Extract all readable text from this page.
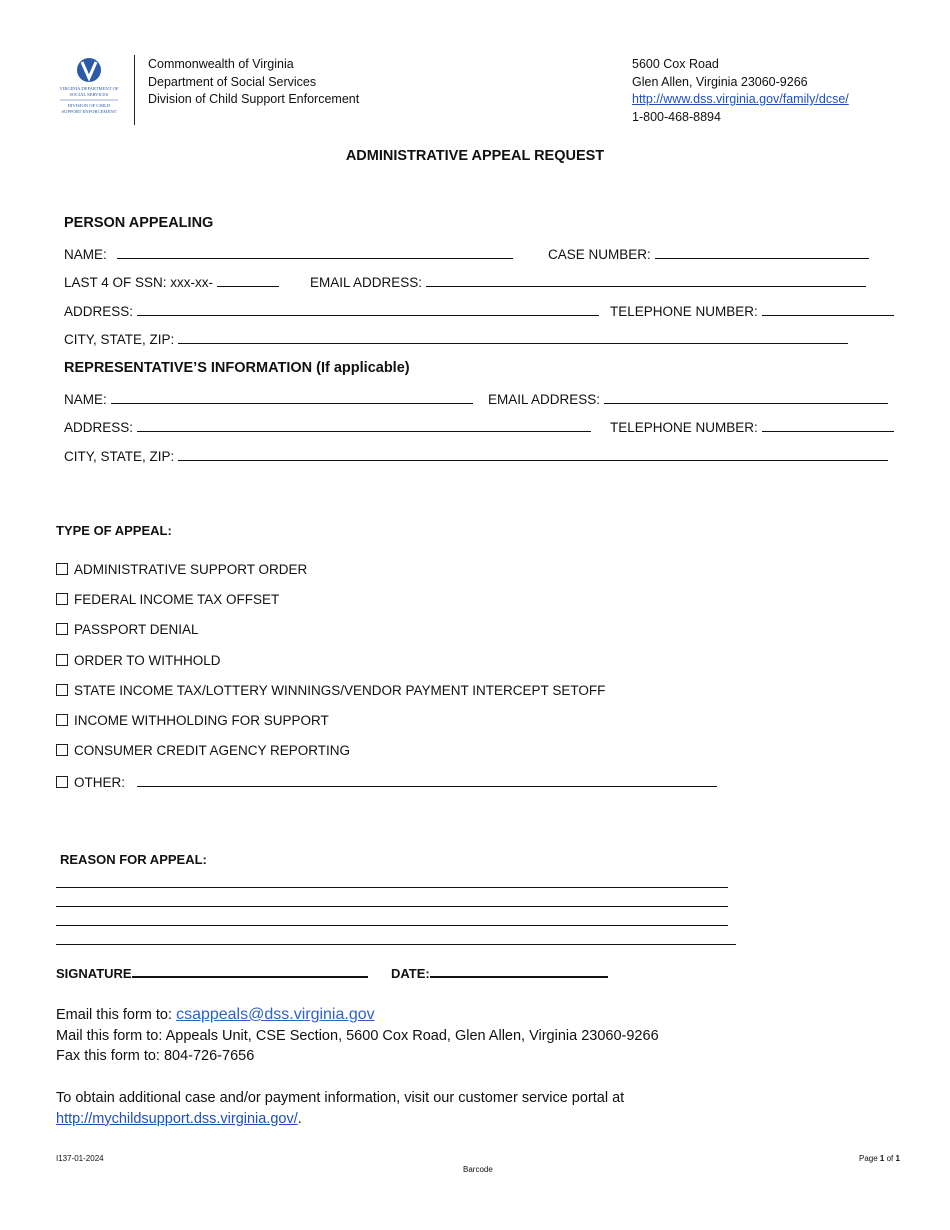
VIRGINIA DEPARTMENT OF
SOCIAL SERVICES
DIVISION OF CHILD
SUPPORT ENFORCEMENT
Commonwealth of Virginia
Department of Social Services
Division of Child Support Enforcement
5600 Cox Road
Glen Allen, Virginia 23060-9266
http://www.dss.virginia.gov/family/dcse/
1-800-468-8894
ADMINISTRATIVE APPEAL REQUEST
PERSON APPEALING
NAME:	CASE NUMBER:
LAST 4 OF SSN: xxx-xx-	EMAIL ADDRESS:
ADDRESS:	TELEPHONE NUMBER:
CITY, STATE, ZIP:
REPRESENTATIVE’S INFORMATION (If applicable)
NAME:	EMAIL ADDRESS:
ADDRESS:	TELEPHONE NUMBER:
CITY, STATE, ZIP:
TYPE OF APPEAL:
ADMINISTRATIVE SUPPORT ORDER
FEDERAL INCOME TAX OFFSET
PASSPORT DENIAL
ORDER TO WITHHOLD
STATE INCOME TAX/LOTTERY WINNINGS/VENDOR PAYMENT INTERCEPT SETOFF
INCOME WITHHOLDING FOR SUPPORT
CONSUMER CREDIT AGENCY REPORTING
OTHER:
REASON FOR APPEAL:
SIGNATURE	DATE:
Email this form to: csappeals@dss.virginia.gov
Mail this form to: Appeals Unit, CSE Section, 5600 Cox Road, Glen Allen, Virginia 23060-9266
Fax this form to: 804-726-7656
To obtain additional case and/or payment information, visit our customer service portal at
http://mychildsupport.dss.virginia.gov/.
I137-01-2024
Barcode
Page 1 of 1
